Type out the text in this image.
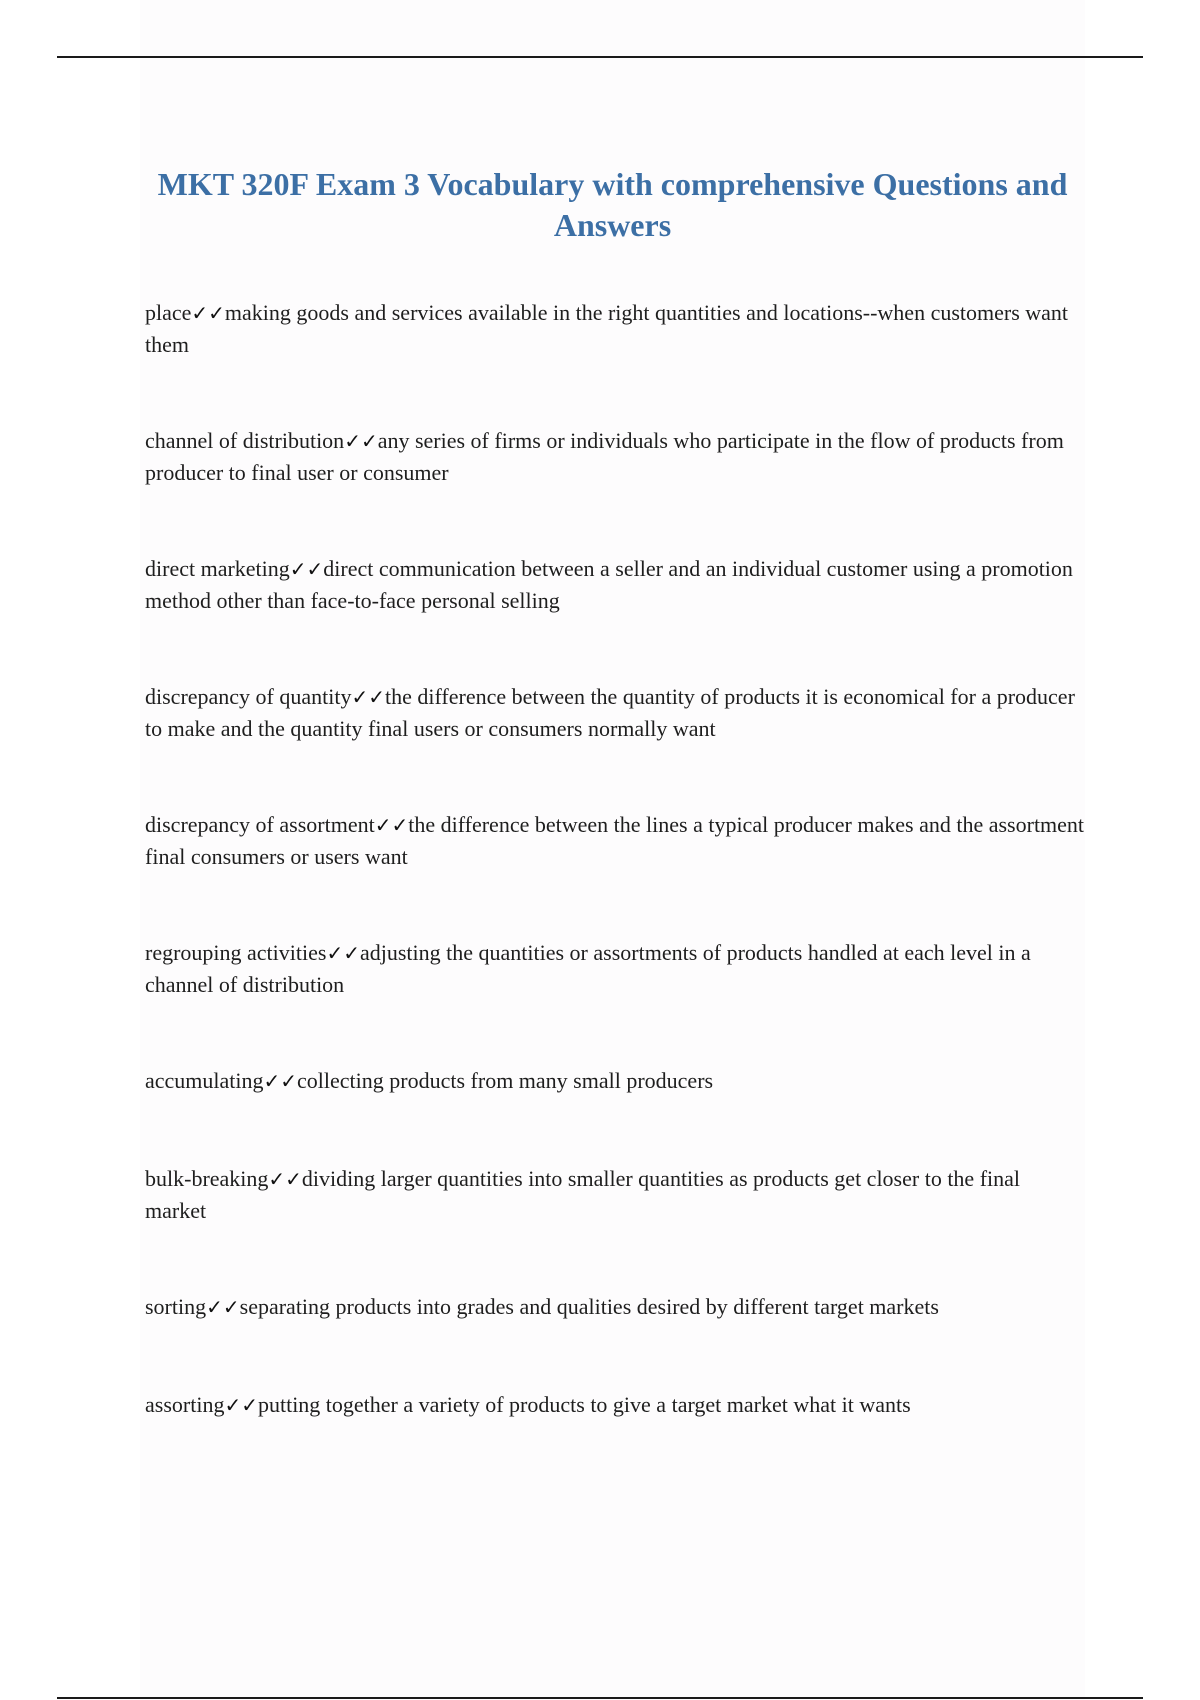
MKT 320F Exam 3 Vocabulary with comprehensive Questions and Answers

place✓✓making goods and services available in the right quantities and locations--when customers want them

channel of distribution✓✓any series of firms or individuals who participate in the flow of products from producer to final user or consumer

direct marketing✓✓direct communication between a seller and an individual customer using a promotion method other than face-to-face personal selling

discrepancy of quantity✓✓the difference between the quantity of products it is economical for a producer to make and the quantity final users or consumers normally want

discrepancy of assortment✓✓the difference between the lines a typical producer makes and the assortment final consumers or users want

regrouping activities✓✓adjusting the quantities or assortments of products handled at each level in a channel of distribution

accumulating✓✓collecting products from many small producers

bulk-breaking✓✓dividing larger quantities into smaller quantities as products get closer to the final market

sorting✓✓separating products into grades and qualities desired by different target markets

assorting✓✓putting together a variety of products to give a target market what it wants
